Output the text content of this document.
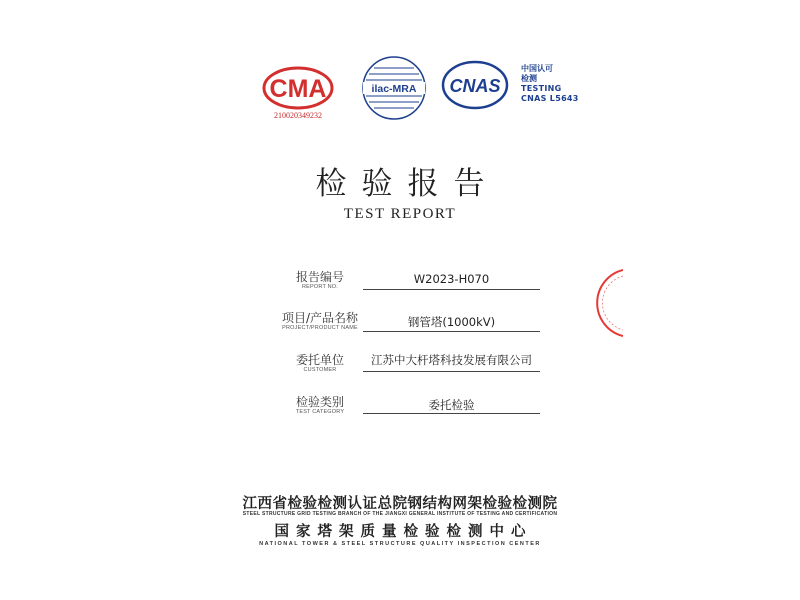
CMA
210020349232
ilac-MRA CNAS
中国认可
检测
TESTING
CNAS L5643
检验报告
TEST REPORT
报告编号
REPORT NO.
W2023-H070
项目/产品名称
PROJECT/PRODUCT NAME	钢管塔(1000kV)
委托单位
CUSTOMER
江苏中大杆塔科技发展有限公司
检验类别
TEST CATEGORY	委托检验
江西省检验检测认证总院钢结构网架检验检测院
STEEL STRUCTURE GRID TESTING BRANCH OF THE JIANGXI GENERAL INSTITUTE OF TESTING AND CERTIFICATION
国家塔架质量检验检测中心
NATIONAL TOWER & STEEL STRUCTURE QUALITY INSPECTION CENTER
